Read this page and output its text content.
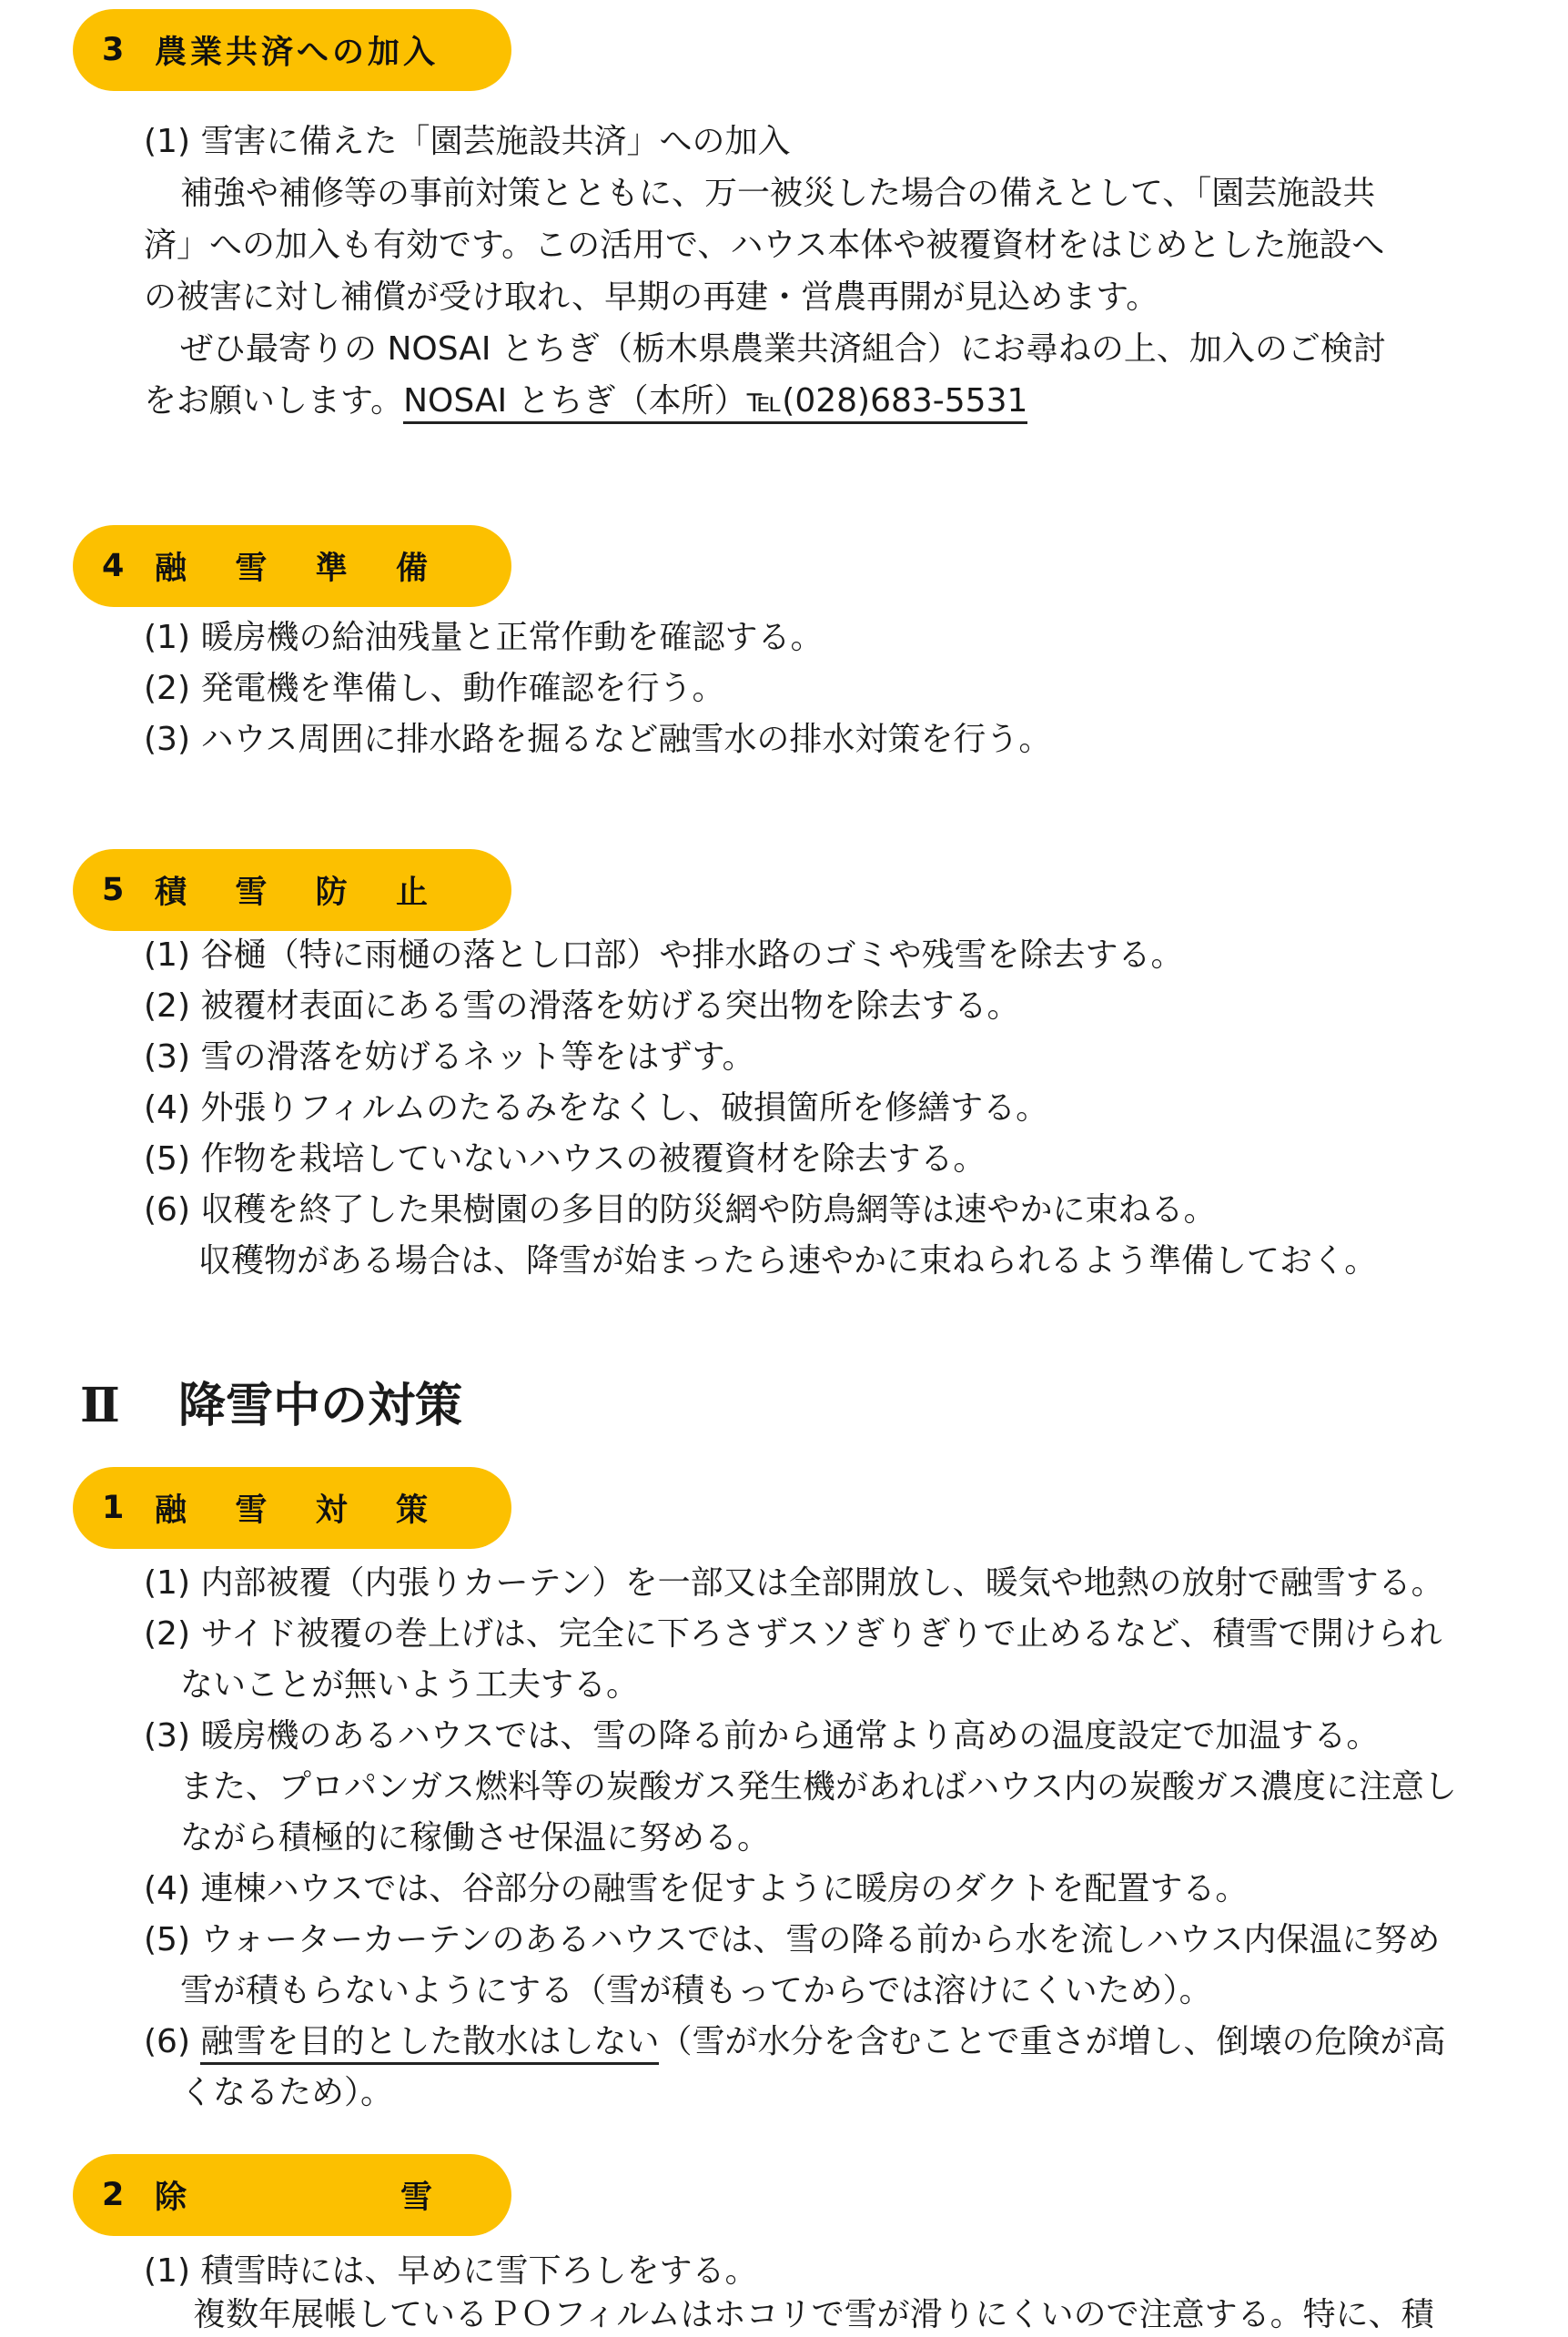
3 農業共済への加入
(1) 雪害に備えた「園芸施設共済」への加入
補強や補修等の事前対策とともに、万一被災した場合の備えとして、「園芸施設共
済」への加入も有効です。この活用で、ハウス本体や被覆資材をはじめとした施設へ
の被害に対し補償が受け取れ、早期の再建・営農再開が見込めます。
ぜひ最寄りの NOSAI とちぎ（栃木県農業共済組合）にお尋ねの上、加入のご検討
をお願いします。NOSAI とちぎ（本所）℡(028)683-5531
4 融 雪 準 備
(1) 暖房機の給油残量と正常作動を確認する。
(2) 発電機を準備し、動作確認を行う。
(3) ハウス周囲に排水路を掘るなど融雪水の排水対策を行う。
5 積 雪 防 止
(1) 谷樋（特に雨樋の落とし口部）や排水路のゴミや残雪を除去する。
(2) 被覆材表面にある雪の滑落を妨げる突出物を除去する。
(3) 雪の滑落を妨げるネット等をはずす。
(4) 外張りフィルムのたるみをなくし、破損箇所を修繕する。
(5) 作物を栽培していないハウスの被覆資材を除去する。
(6) 収穫を終了した果樹園の多目的防災網や防鳥網等は速やかに束ねる。
収穫物がある場合は、降雪が始まったら速やかに束ねられるよう準備しておく。
Ⅱ 降雪中の対策
1 融 雪 対 策
(1) 内部被覆（内張りカーテン）を一部又は全部開放し、暖気や地熱の放射で融雪する。
(2) サイド被覆の巻上げは、完全に下ろさずスソぎりぎりで止めるなど、積雪で開けられ
ないことが無いよう工夫する。
(3) 暖房機のあるハウスでは、雪の降る前から通常より高めの温度設定で加温する。
また、プロパンガス燃料等の炭酸ガス発生機があればハウス内の炭酸ガス濃度に注意し
ながら積極的に稼働させ保温に努める。
(4) 連棟ハウスでは、谷部分の融雪を促すように暖房のダクトを配置する。
(5) ウォーターカーテンのあるハウスでは、雪の降る前から水を流しハウス内保温に努め
雪が積もらないようにする（雪が積もってからでは溶けにくいため）。
(6) 融雪を目的とした散水はしない（雪が水分を含むことで重さが増し、倒壊の危険が高
くなるため）。
2 除	雪
(1) 積雪時には、早めに雪下ろしをする。
複数年展帳しているＰＯフィルムはホコリで雪が滑りにくいので注意する。特に、積
